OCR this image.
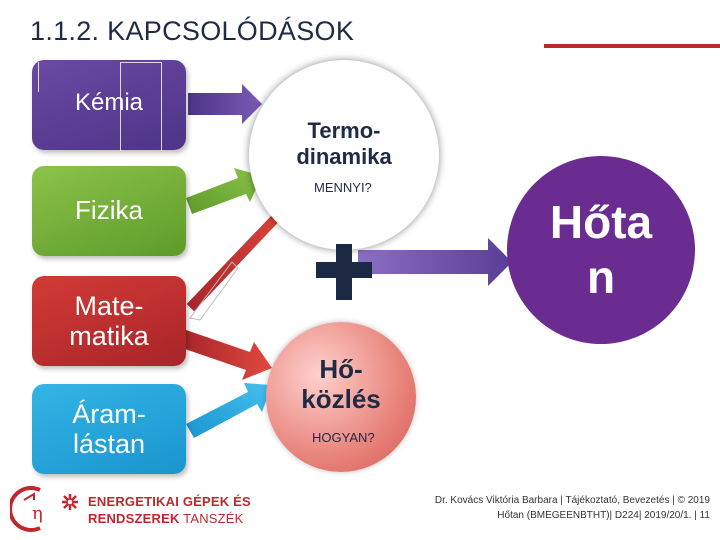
1.1.2. KAPCSOLÓDÁSOK
Kémia
Fizika
Mate-
matika
Áram-
lástan
Termo-
dinamika
MENNYI?
Hő-
közlés
HOGYAN?
Hőta
n
η
ENERGETIKAI GÉPEK ÉS
RENDSZEREK TANSZÉK
Dr. Kovács Viktória Barbara | Tájékoztató, Bevezetés | © 2019
Hőtan (BMEGEENBTHT)| D224| 2019/20/1. | 11
